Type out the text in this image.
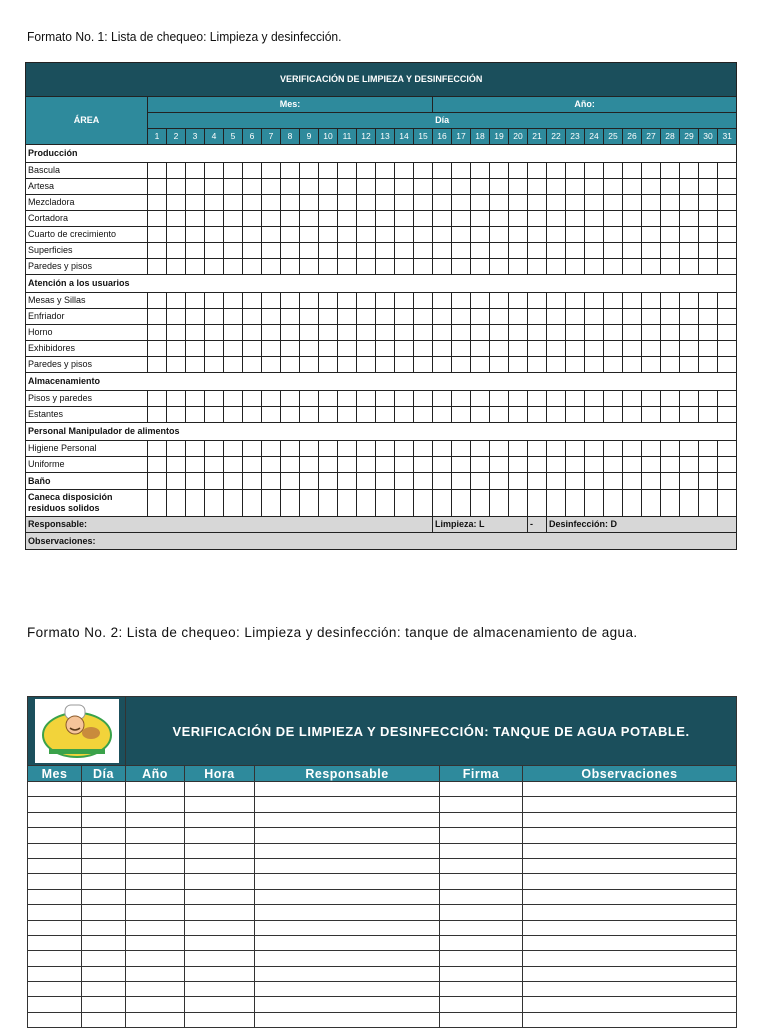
Formato No. 1: Lista de chequeo: Limpieza y desinfección.
VERIFICACIÓN DE LIMPIEZA Y DESINFECCIÓN																															
ÁREA	Mes:															Año:															
	Día																														
	1	2	3	4	5	6	7	8	9	10	11	12	13	14	15	16	17	18	19	20	21	22	23	24	25	26	27	28	29	30	31
Producción																															
Bascula																															
Artesa																															
Mezcladora																															
Cortadora																															
Cuarto de crecimiento																															
Superficies																															
Paredes y pisos																															
Atención a los usuarios																															
Mesas y Sillas																															
Enfriador																															
Horno																															
Exhibidores																															
Paredes y pisos																															
Almacenamiento																															
Pisos y paredes																															
Estantes																															
Personal Manipulador de alimentos																															
Higiene Personal																															
Uniforme																															
Baño																															
Caneca disposición residuos solidos																															
Responsable:																Limpieza: L					-	Desinfección: D									
Observaciones:																															
Formato No. 2: Lista de chequeo: Limpieza y desinfección: tanque de almacenamiento de agua.
	VERIFICACIÓN DE LIMPIEZA Y DESINFECCIÓN: TANQUE DE AGUA POTABLE.				
Mes	Día	Año	Hora	Responsable	Firma	Observaciones
